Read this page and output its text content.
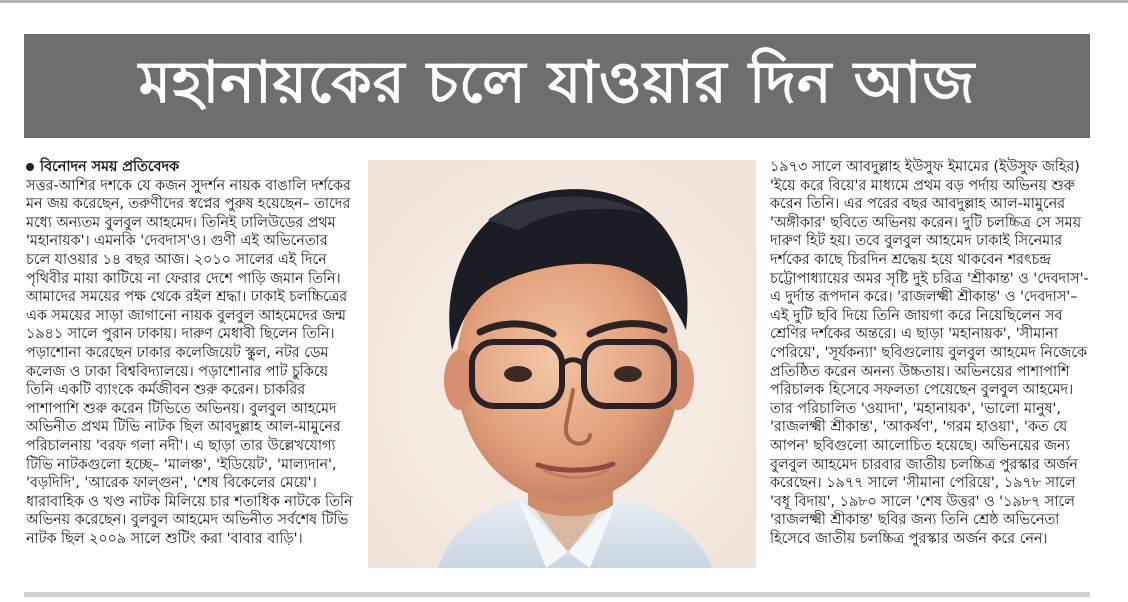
মহানায়কের চলে যাওয়ার দিন আজ
বিনোদন সময় প্রতিবেদক

সত্তর-আশির দশকে যে কজন সুদর্শন নায়ক বাঙালি দর্শকের মন জয় করেছেন, তরুণীদের স্বপ্নের পুরুষ হয়েছেন– তাদের মধ্যে অন্যতম বুলবুল আহমেদ। তিনিই ঢালিউডের প্রথম 'মহানায়ক'। এমনকি 'দেবদাস'ও। গুণী এই অভিনেতার চলে যাওয়ার ১৪ বছর আজ। ২০১০ সালের এই দিনে পৃথিবীর মায়া কাটিয়ে না ফেরার দেশে পাড়ি জমান তিনি। আমাদের সময়ের পক্ষ থেকে রইল শ্রদ্ধা। ঢাকাই চলচ্চিত্রের এক সময়ের সাড়া জাগানো নায়ক বুলবুল আহমেদের জন্ম ১৯৪১ সালে পুরান ঢাকায়। দারুণ মেধাবী ছিলেন তিনি। পড়াশোনা করেছেন ঢাকার কলেজিয়েট স্কুল, নটর ডেম কলেজ ও ঢাকা বিশ্ববিদ্যালয়ে। পড়াশোনার পাট চুকিয়ে তিনি একটি ব্যাংকে কর্মজীবন শুরু করেন। চাকরির পাশাপাশি শুরু করেন টিভিতে অভিনয়। বুলবুল আহমেদ অভিনীত প্রথম টিভি নাটক ছিল আবদুল্লাহ আল-মামুনের পরিচালনায় 'বরফ গলা নদী'। এ ছাড়া তার উল্লেখযোগ্য টিভি নাটকগুলো হচ্ছে– 'মালঞ্চ', 'ইডিয়েট', 'মাল্যদান', 'বড়দিদি', 'আরেক ফাল্গুন', 'শেষ বিকেলের মেয়ে'। ধারাবাহিক ও খণ্ড নাটক মিলিয়ে চার শতাধিক নাটকে তিনি অভিনয় করেছেন। বুলবুল আহমেদ অভিনীত সর্বশেষ টিভি নাটক ছিল ২০০৯ সালে শুটিং করা 'বাবার বাড়ি'।

১৯৭৩ সালে আবদুল্লাহ ইউসুফ ইমামের (ইউসুফ জহির) 'ইয়ে করে বিয়ে'র মাধ্যমে প্রথম বড় পর্দায় অভিনয় শুরু করেন তিনি। এর পরের বছর আবদুল্লাহ আল-মামুনের 'অঙ্গীকার' ছবিতে অভিনয় করেন। দুটি চলচ্চিত্র সে সময় দারুণ হিট হয়। তবে বুলবুল আহমেদ ঢাকাই সিনেমার দর্শকের কাছে চিরদিন শ্রদ্ধেয় হয়ে থাকবেন শরৎচন্দ্র চট্টোপাধ্যায়ের অমর সৃষ্টি দুই চরিত্র 'শ্রীকান্ত' ও 'দেবদাস'-এ দুর্দান্ত রূপদান করে। 'রাজলক্ষ্মী শ্রীকান্ত' ও 'দেবদাস'– এই দুটি ছবি দিয়ে তিনি জায়গা করে নিয়েছিলেন সব শ্রেণির দর্শকের অন্তরে। এ ছাড়া 'মহানায়ক', 'সীমানা পেরিয়ে', 'সূর্যকন্যা' ছবিগুলোয় বুলবুল আহমেদ নিজেকে প্রতিষ্ঠিত করেন অনন্য উচ্চতায়। অভিনয়ের পাশাপাশি পরিচালক হিসেবে সফলতা পেয়েছেন বুলবুল আহমেদ। তার পরিচালিত 'ওয়াদা', 'মহানায়ক', 'ভালো মানুষ', 'রাজলক্ষ্মী শ্রীকান্ত', 'আকর্ষণ', 'গরম হাওয়া', 'কত যে আপন' ছবিগুলো আলোচিত হয়েছে। অভিনয়ের জন্য বুলবুল আহমেদ চারবার জাতীয় চলচ্চিত্র পুরস্কার অর্জন করেছেন। ১৯৭৭ সালে 'সীমানা পেরিয়ে', ১৯৭৮ সালে 'বধূ বিদায়', ১৯৮০ সালে 'শেষ উত্তর' ও '১৯৮৭ সালে 'রাজলক্ষ্মী শ্রীকান্ত' ছবির জন্য তিনি শ্রেষ্ঠ অভিনেতা হিসেবে জাতীয় চলচ্চিত্র পুরস্কার অর্জন করে নেন।
